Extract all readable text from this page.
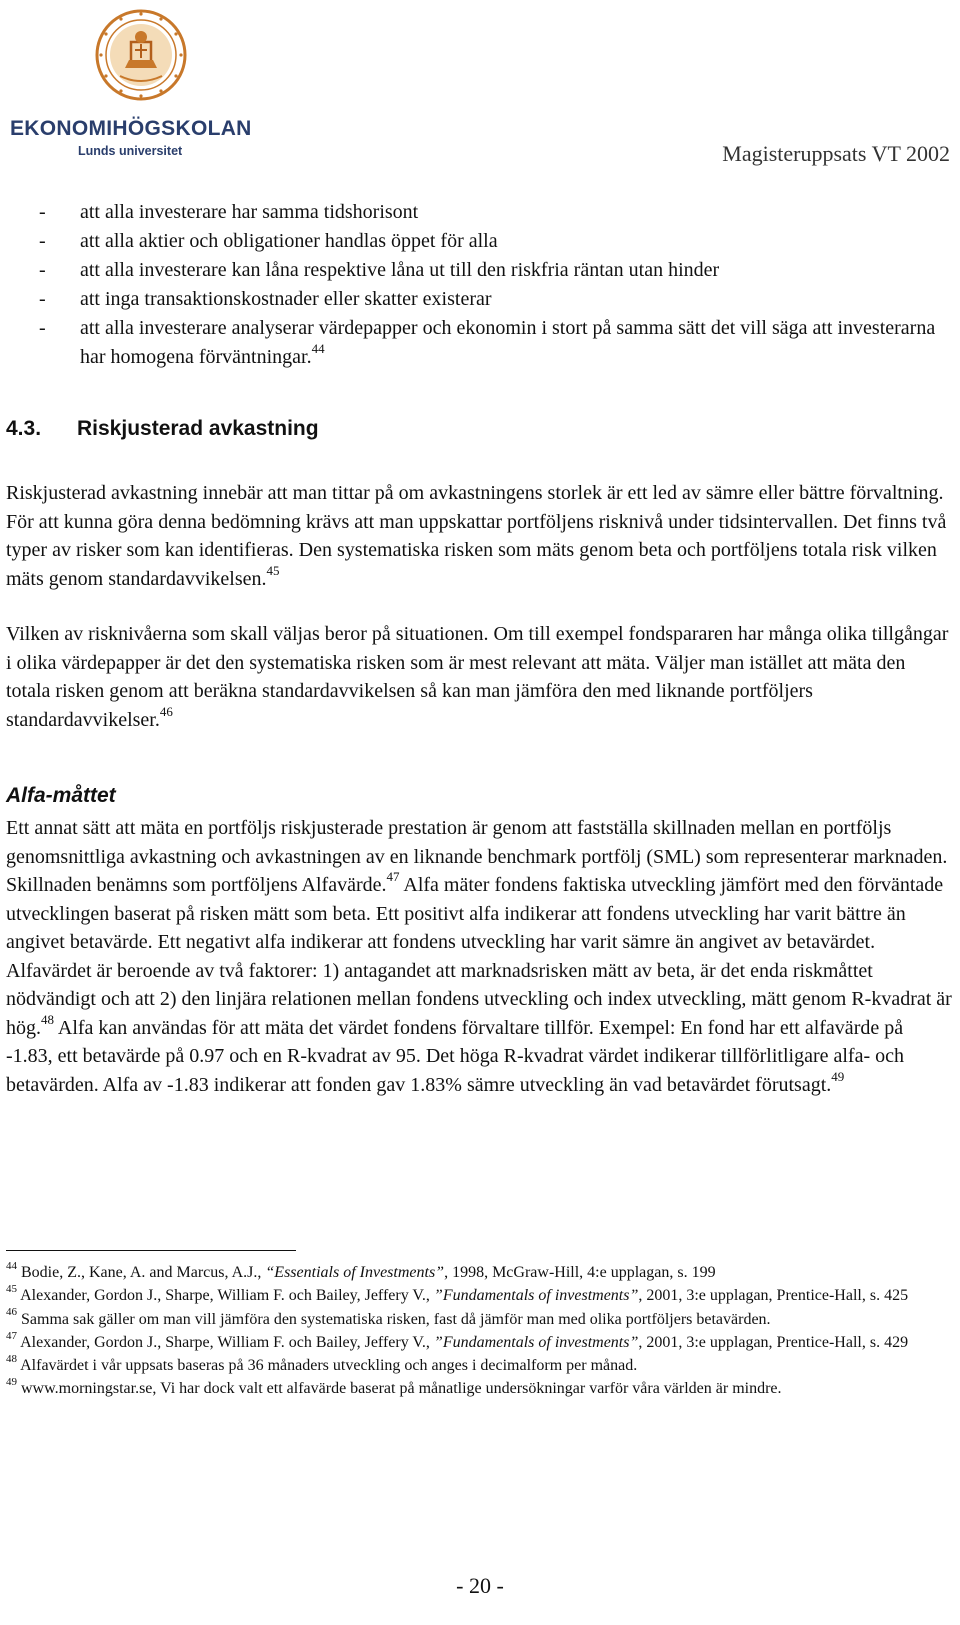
EKONOMIHÖGSKOLAN
Lunds universitet	Magisteruppsats VT 2002
- att alla investerare har samma tidshorisont
- att alla aktier och obligationer handlas öppet för alla
- att alla investerare kan låna respektive låna ut till den riskfria räntan utan hinder
- att inga transaktionskostnader eller skatter existerar
- att alla investerare analyserar värdepapper och ekonomin i stort på samma sätt det vill säga att investerarna har homogena förväntningar.$^{44}$
4.3. Riskjusterad avkastning

Riskjusterad avkastning innebär att man tittar på om avkastningens storlek är ett led av sämre eller bättre förvaltning. För att kunna göra denna bedömning krävs att man uppskattar portföljens risknivå under tidsintervallen. Det finns två typer av risker som kan identifieras. Den systematiska risken som mäts genom beta och portföljens totala risk vilken mäts genom standardavvikelsen.$^{45}$

Vilken av risknivåerna som skall väljas beror på situationen. Om till exempel fondspararen har många olika tillgångar i olika värdepapper är det den systematiska risken som är mest relevant att mäta. Väljer man istället att mäta den totala risken genom att beräkna standardavvikelsen så kan man jämföra den med liknande portföljers standardavvikelser.$^{46}$

Alfa-måttet

Ett annat sätt att mäta en portföljs riskjusterade prestation är genom att fastställa skillnaden mellan en portföljs genomsnittliga avkastning och avkastningen av en liknande benchmark portfölj (SML) som representerar marknaden. Skillnaden benämns som portföljens Alfavärde.$^{47}$ Alfa mäter fondens faktiska utveckling jämfört med den förväntade utvecklingen baserat på risken mätt som beta. Ett positivt alfa indikerar att fondens utveckling har varit bättre än angivet betavärde. Ett negativt alfa indikerar att fondens utveckling har varit sämre än angivet av betavärdet. Alfavärdet är beroende av två faktorer: 1) antagandet att marknadsrisken mätt av beta, är det enda riskmåttet nödvändigt och att 2) den linjära relationen mellan fondens utveckling och index utveckling, mätt genom R-kvadrat är hög.$^{48}$ Alfa kan användas för att mäta det värdet fondens förvaltare tillför. Exempel: En fond har ett alfavärde på -1.83, ett betavärde på 0.97 och en R-kvadrat av 95. Det höga R-kvadrat värdet indikerar tillförlitligare alfa- och betavärden. Alfa av -1.83 indikerar att fonden gav 1.83% sämre utveckling än vad betavärdet förutsagt.$^{49}$

$^{44}$ Bodie, Z., Kane, A. and Marcus, A.J., “Essentials of Investments”, 1998, McGraw-Hill, 4:e upplagan, s. 199

$^{45}$ Alexander, Gordon J., Sharpe, William F. och Bailey, Jeffery V., ”Fundamentals of investments”, 2001, 3:e upplagan, Prentice-Hall, s. 425

$^{46}$ Samma sak gäller om man vill jämföra den systematiska risken, fast då jämför man med olika portföljers betavärden.

$^{47}$ Alexander, Gordon J., Sharpe, William F. och Bailey, Jeffery V., ”Fundamentals of investments”, 2001, 3:e upplagan, Prentice-Hall, s. 429

$^{48}$ Alfavärdet i vår uppsats baseras på 36 månaders utveckling och anges i decimalform per månad.

$^{49}$ www.morningstar.se, Vi har dock valt ett alfavärde baserat på månatlige undersökningar varför våra världen är mindre.

- 20 -
